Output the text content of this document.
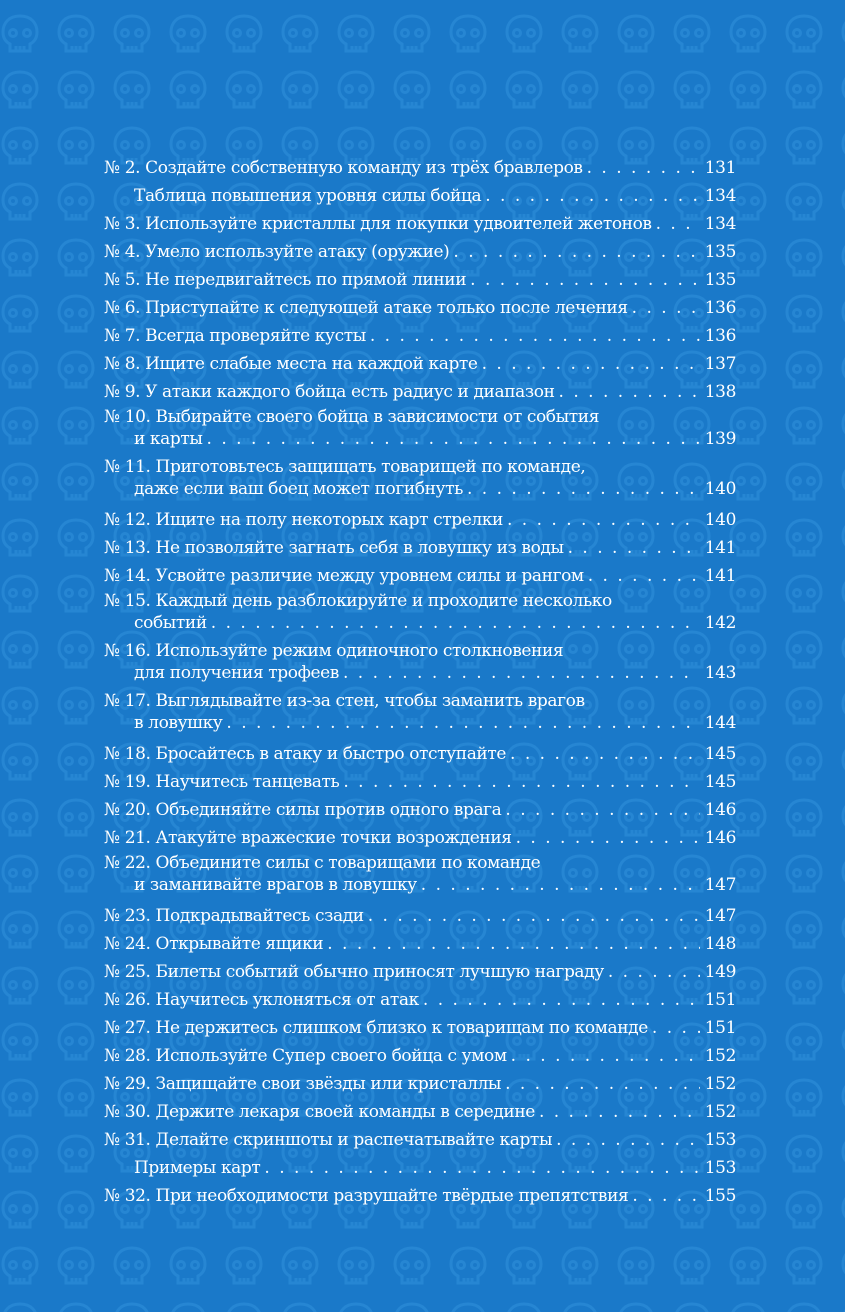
№ 2. Создайте собственную команду из трёх бравлеров . . .	131
Таблица повышения уровня силы бойца . . .	134
№ 3. Используйте кристаллы для покупки удвоителей жетонов . . .	134
№ 4. Умело используйте атаку (оружие) . . .	135
№ 5. Не передвигайтесь по прямой линии . . .	135
№ 6. Приступайте к следующей атаке только после лечения . . .	136
№ 7. Всегда проверяйте кусты . . .	136
№ 8. Ищите слабые места на каждой карте . . .	137
№ 9. У атаки каждого бойца есть радиус и диапазон . . .	138
№ 10. Выбирайте своего бойца в зависимости от события
и карты . . .	139
№ 11. Приготовьтесь защищать товарищей по команде,
даже если ваш боец может погибнуть . . .	140
№ 12. Ищите на полу некоторых карт стрелки . . .	140
№ 13. Не позволяйте загнать себя в ловушку из воды . . .	141
№ 14. Усвойте различие между уровнем силы и рангом . . .	141
№ 15. Каждый день разблокируйте и проходите несколько
событий . . .	142
№ 16. Используйте режим одиночного столкновения
для получения трофеев . . .	143
№ 17. Выглядывайте из-за стен, чтобы заманить врагов
в ловушку . . .	144
№ 18. Бросайтесь в атаку и быстро отступайте . . .	145
№ 19. Научитесь танцевать . . .	145
№ 20. Объединяйте силы против одного врага . . .	146
№ 21. Атакуйте вражеские точки возрождения . . .	146
№ 22. Объедините силы с товарищами по команде
и заманивайте врагов в ловушку . . .	147
№ 23. Подкрадывайтесь сзади . . .	147
№ 24. Открывайте ящики . . .	148
№ 25. Билеты событий обычно приносят лучшую награду . . .	149
№ 26. Научитесь уклоняться от атак . . .	151
№ 27. Не держитесь слишком близко к товарищам по команде . . .	151
№ 28. Используйте Супер своего бойца с умом . . .	152
№ 29. Защищайте свои звёзды или кристаллы . . .	152
№ 30. Держите лекаря своей команды в середине . . .	152
№ 31. Делайте скриншоты и распечатывайте карты . . .	153
Примеры карт . . .	153
№ 32. При необходимости разрушайте твёрдые препятствия . . .	155
